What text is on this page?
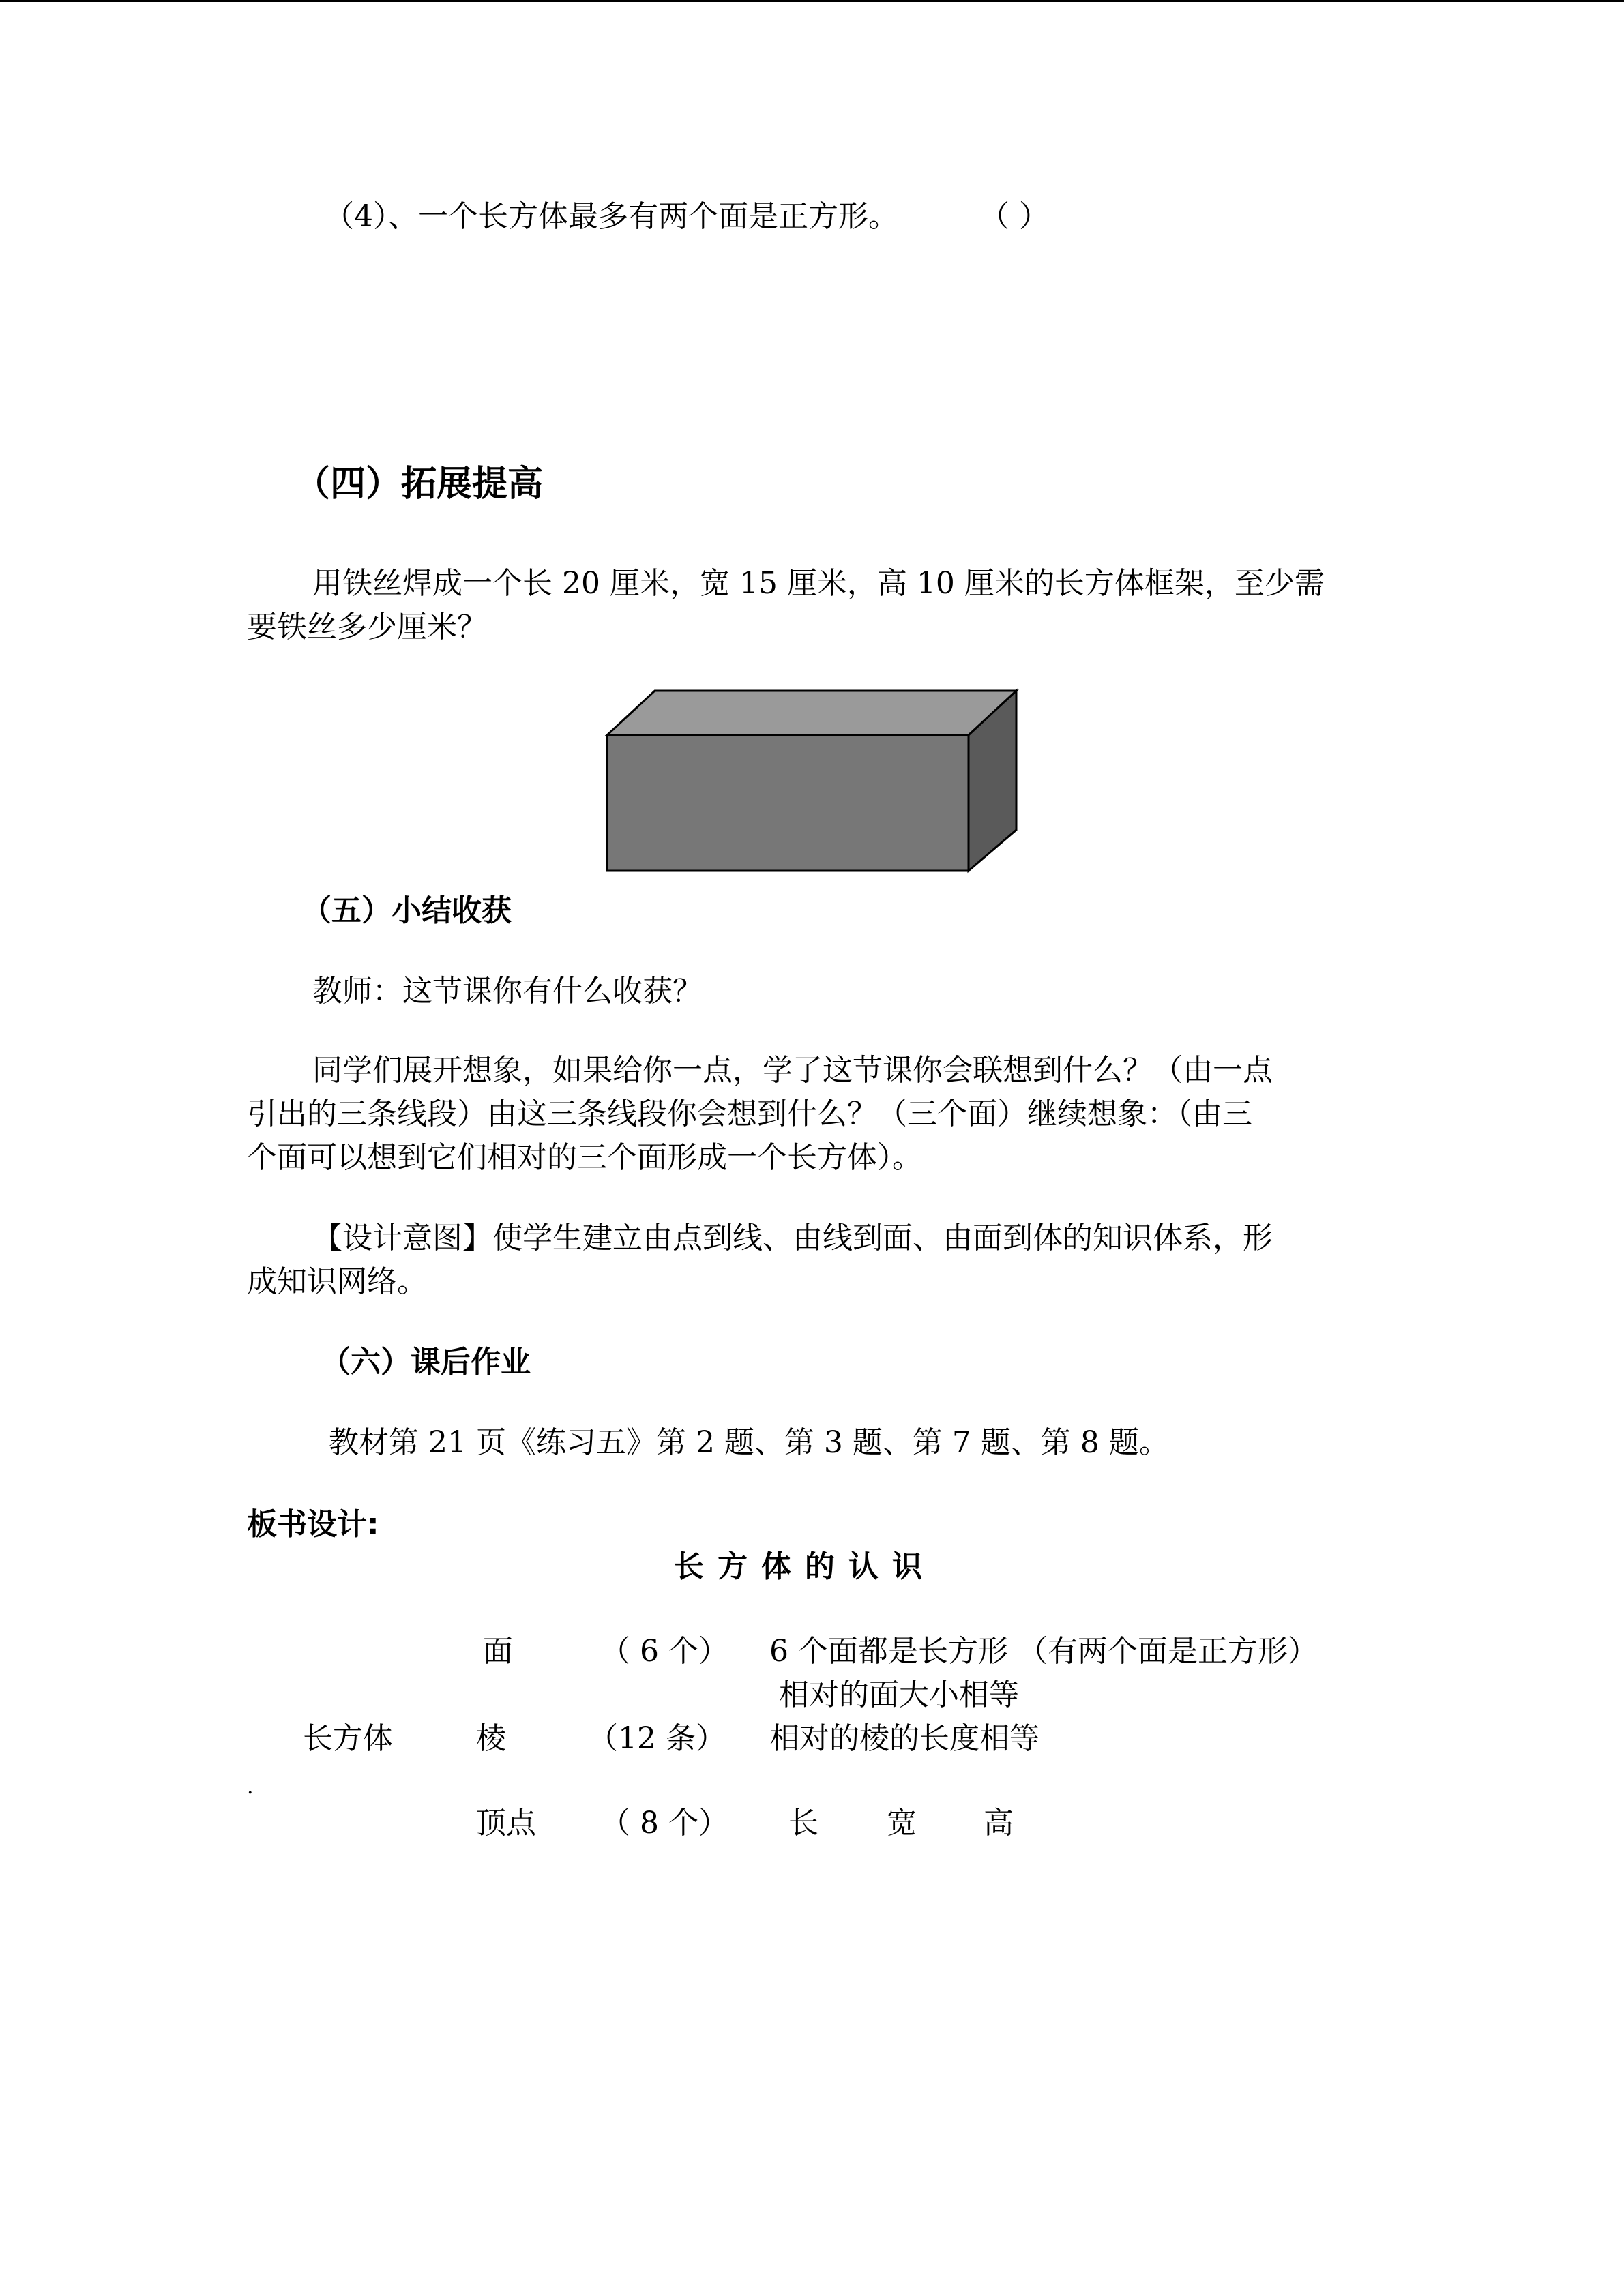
（4）、一个长方体最多有两个面是正方形。	（ ）
（四）拓展提高
用铁丝焊成一个长 20 厘米，宽 15 厘米，高 10 厘米的长方体框架，至少需
要铁丝多少厘米？
（五）小结收获
教师：这节课你有什么收获？
同学们展开想象，如果给你一点，学了这节课你会联想到什么？（由一点
引出的三条线段）由这三条线段你会想到什么？（三个面）继续想象：（由三
个面可以想到它们相对的三个面形成一个长方体）。
【设计意图】使学生建立由点到线、由线到面、由面到体的知识体系，形
成知识网络。
（六）课后作业
教材第 21 页《练习五》第 2 题、第 3 题、第 7 题、第 8 题。
板书设计:
长方体的认识
面	（ 6 个） 6 个面都是长方形 （有两个面是正方形）
相对的面大小相等
长方体	棱	（12 条） 相对的棱的长度相等
.
顶点 （ 8 个） 长 宽 高
